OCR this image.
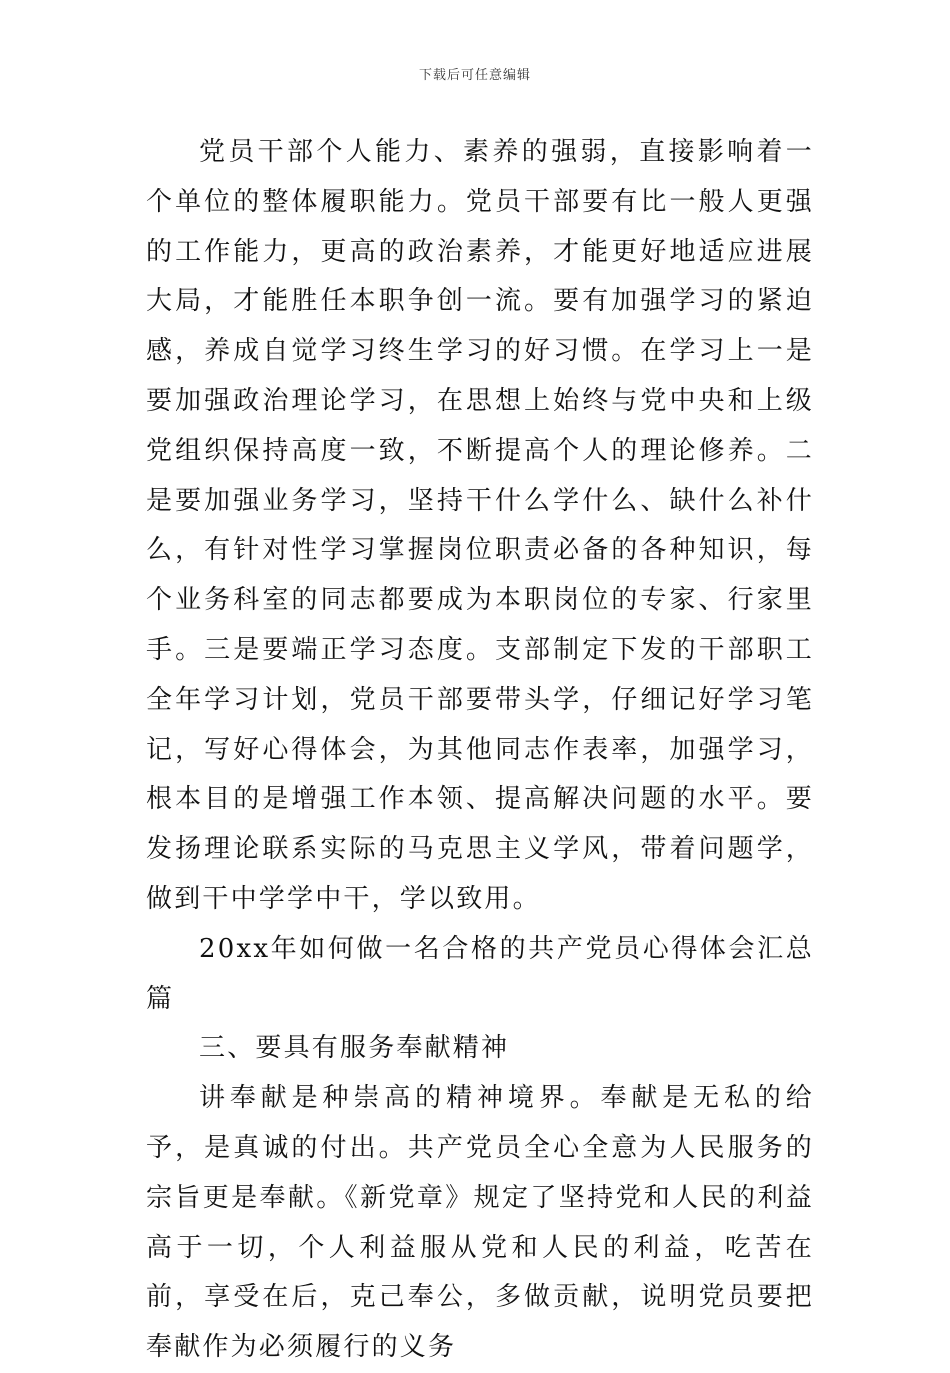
下载后可任意编辑

党员干部个人能力、素养的强弱，直接影响着一个单位的整体履职能力。党员干部要有比一般人更强的工作能力，更高的政治素养，才能更好地适应进展大局，才能胜任本职争创一流。要有加强学习的紧迫感，养成自觉学习终生学习的好习惯。在学习上一是要加强政治理论学习，在思想上始终与党中央和上级党组织保持高度一致，不断提高个人的理论修养。二是要加强业务学习，坚持干什么学什么、缺什么补什么，有针对性学习掌握岗位职责必备的各种知识，每个业务科室的同志都要成为本职岗位的专家、行家里手。三是要端正学习态度。支部制定下发的干部职工全年学习计划，党员干部要带头学，仔细记好学习笔记，写好心得体会，为其他同志作表率，加强学习，根本目的是增强工作本领、提高解决问题的水平。要发扬理论联系实际的马克思主义学风，带着问题学，做到干中学学中干，学以致用。

20xx年如何做一名合格的共产党员心得体会汇总篇

三、要具有服务奉献精神

讲奉献是种崇高的精神境界。奉献是无私的给予，是真诚的付出。共产党员全心全意为人民服务的宗旨更是奉献。《新党章》规定了坚持党和人民的利益高于一切，个人利益服从党和人民的利益，吃苦在前，享受在后，克己奉公，多做贡献，说明党员要把奉献作为必须履行的义务
